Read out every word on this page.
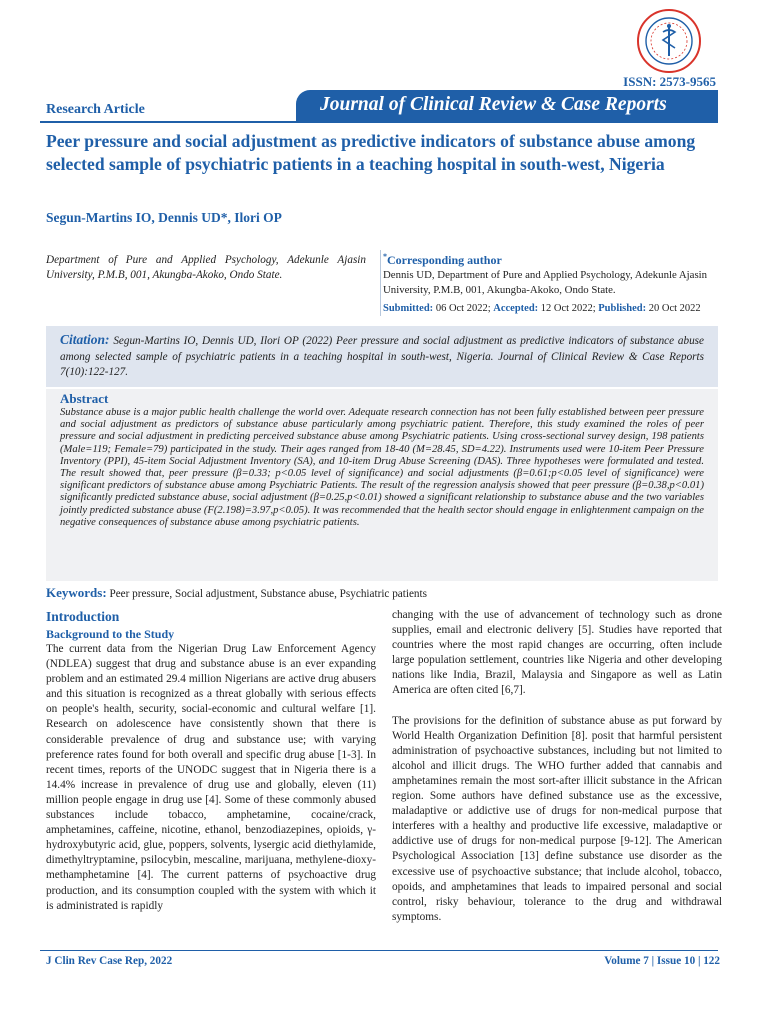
ISSN: 2573-9565
Research Article	Journal of Clinical Review & Case Reports
Peer pressure and social adjustment as predictive indicators of substance abuse among selected sample of psychiatric patients in a teaching hospital in south-west, Nigeria
Segun-Martins IO, Dennis UD*, Ilori OP
Department of Pure and Applied Psychology, Adekunle Ajasin University, P.M.B, 001, Akungba-Akoko, Ondo State.
*Corresponding author
Dennis UD, Department of Pure and Applied Psychology, Adekunle Ajasin University, P.M.B, 001, Akungba-Akoko, Ondo State.
Submitted: 06 Oct 2022; Accepted: 12 Oct 2022; Published: 20 Oct 2022
Citation: Segun-Martins IO, Dennis UD, Ilori OP (2022) Peer pressure and social adjustment as predictive indicators of substance abuse among selected sample of psychiatric patients in a teaching hospital in south-west, Nigeria. Journal of Clinical Review & Case Reports 7(10):122-127.
Abstract

Substance abuse is a major public health challenge the world over. Adequate research connection has not been fully established between peer pressure and social adjustment as predictors of substance abuse particularly among psychiatric patient. Therefore, this study examined the roles of peer pressure and social adjustment in predicting perceived substance abuse among Psychiatric patients. Using cross-sectional survey design, 198 patients (Male=119; Female=79) participated in the study. Their ages ranged from 18-40 (M=28.45, SD=4.22). Instruments used were 10-item Peer Pressure Inventory (PPI), 45-item Social Adjustment Inventory (SA), and 10-item Drug Abuse Screening (DAS). Three hypotheses were formulated and tested. The result showed that, peer pressure (β=0.33; p<0.05 level of significance) and social adjustments (β=0.61;p<0.05 level of significance) were significant predictors of substance abuse among Psychiatric Patients. The result of the regression analysis showed that peer pressure (β=0.38,p<0.01) significantly predicted substance abuse, social adjustment (β=0.25,p<0.01) showed a significant relationship to substance abuse and the two variables jointly predicted substance abuse (F(2.198)=3.97,p<0.05). It was recommended that the health sector should engage in enlightenment campaign on the negative consequences of substance abuse among psychiatric patients.

Keywords: Peer pressure, Social adjustment, Substance abuse, Psychiatric patients
Introduction
Background to the Study

The current data from the Nigerian Drug Law Enforcement Agency (NDLEA) suggest that drug and substance abuse is an ever expanding problem and an estimated 29.4 million Nigerians are active drug abusers and this situation is recognized as a threat globally with serious effects on people's health, security, social-economic and cultural welfare [1]. Research on adolescence have consistently shown that there is considerable prevalence of drug and substance use; with varying preference rates found for both overall and specific drug abuse [1-3]. In recent times, reports of the UNODC suggest that in Nigeria there is a 14.4% increase in prevalence of drug use and globally, eleven (11) million people engage in drug use [4]. Some of these commonly abused substances include tobacco, amphetamine, cocaine/crack, amphetamines, caffeine, nicotine, ethanol, benzodiazepines, opioids, γ-hydroxybutyric acid, glue, poppers, solvents, lysergic acid diethylamide, dimethyltryptamine, psilocybin, mescaline, marijuana, methylene-dioxy-methamphetamine [4]. The current patterns of psychoactive drug production, and its consumption coupled with the system with which it is administrated is rapidly

changing with the use of advancement of technology such as drone supplies, email and electronic delivery [5]. Studies have reported that countries where the most rapid changes are occurring, often include large population settlement, countries like Nigeria and other developing nations like India, Brazil, Malaysia and Singapore as well as Latin America are often cited [6,7].

The provisions for the definition of substance abuse as put forward by World Health Organization Definition [8]. posit that harmful persistent administration of psychoactive substances, including but not limited to alcohol and illicit drugs. The WHO further added that cannabis and amphetamines remain the most sort-after illicit substance in the African region. Some authors have defined substance use as the excessive, maladaptive or addictive use of drugs for non-medical purpose that interferes with a healthy and productive life excessive, maladaptive or addictive use of drugs for non-medical purpose [9-12]. The American Psychological Association [13] define substance use disorder as the excessive use of psychoactive substance; that include alcohol, tobacco, opoids, and amphetamines that leads to impaired personal and social control, risky behaviour, tolerance to the drug and withdrawal symptoms.

J Clin Rev Case Rep, 2022	Volume 7 | Issue 10 | 122
